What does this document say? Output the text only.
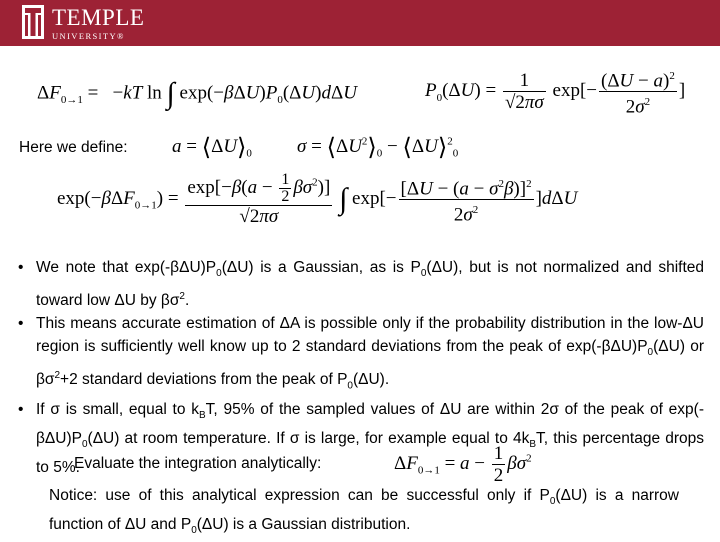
TEMPLE
UNIVERSITY®
$\Delta F_{0\to 1} = -kT$ ln ∫ $\exp(-\beta\Delta U)P_0(\Delta U)d\Delta U$	$P_0(\Delta U) = \frac{1}{√2\pi\sigma} \exp[- \frac{(\Delta U - a)^2}{2\sigma^2}$ ]
Here we define: $a = ⟨\Delta U⟩_0$ $\sigma = ⟨\Delta U^2⟩_0$ − ⟨ΔU⟩$^2_0$
$\exp(-\beta\Delta F_{0\to 1}) = \frac{\exp[-\beta(a - \frac{1}{2} \beta\sigma^2)]}{√2\pi\sigma}$ ∫ $\exp[- \frac{[\Delta U - (a - \sigma^2\beta)]^2}{2\sigma^2} ]d\Delta U$
• We note that $\exp(-\beta\Delta U)P_0(\Delta U)$ is a Gaussian, as is $P_0(\Delta U)$, but is not normalized and shifted toward low ΔU by $\beta\sigma^2$.
• This means accurate estimation of ΔA is possible only if the probability distribution in the low-ΔU region is sufficiently well know up to 2 standard deviations from the peak of $\exp(-\beta\Delta U)P_0(\Delta U)$ or $\beta\sigma^2+2$ standard deviations from the peak of $P_0(\Delta U)$.
• If σ is small, equal to $k_BT$, 95% of the sampled values of ΔU are within 2σ of the peak of $\exp(-\beta\Delta U)P_0(\Delta U)$ at room temperature. If σ is large, for example equal to $4k_BT$, this percentage drops to 5%.
Evaluate the integration analytically:	$\Delta F_{0\to 1} = a - \frac{1}{2} \beta\sigma^2$
Notice: use of this analytical expression can be successful only if $P_0(\Delta U)$ is a narrow function of ΔU and $P_0(\Delta U)$ is a Gaussian distribution.
